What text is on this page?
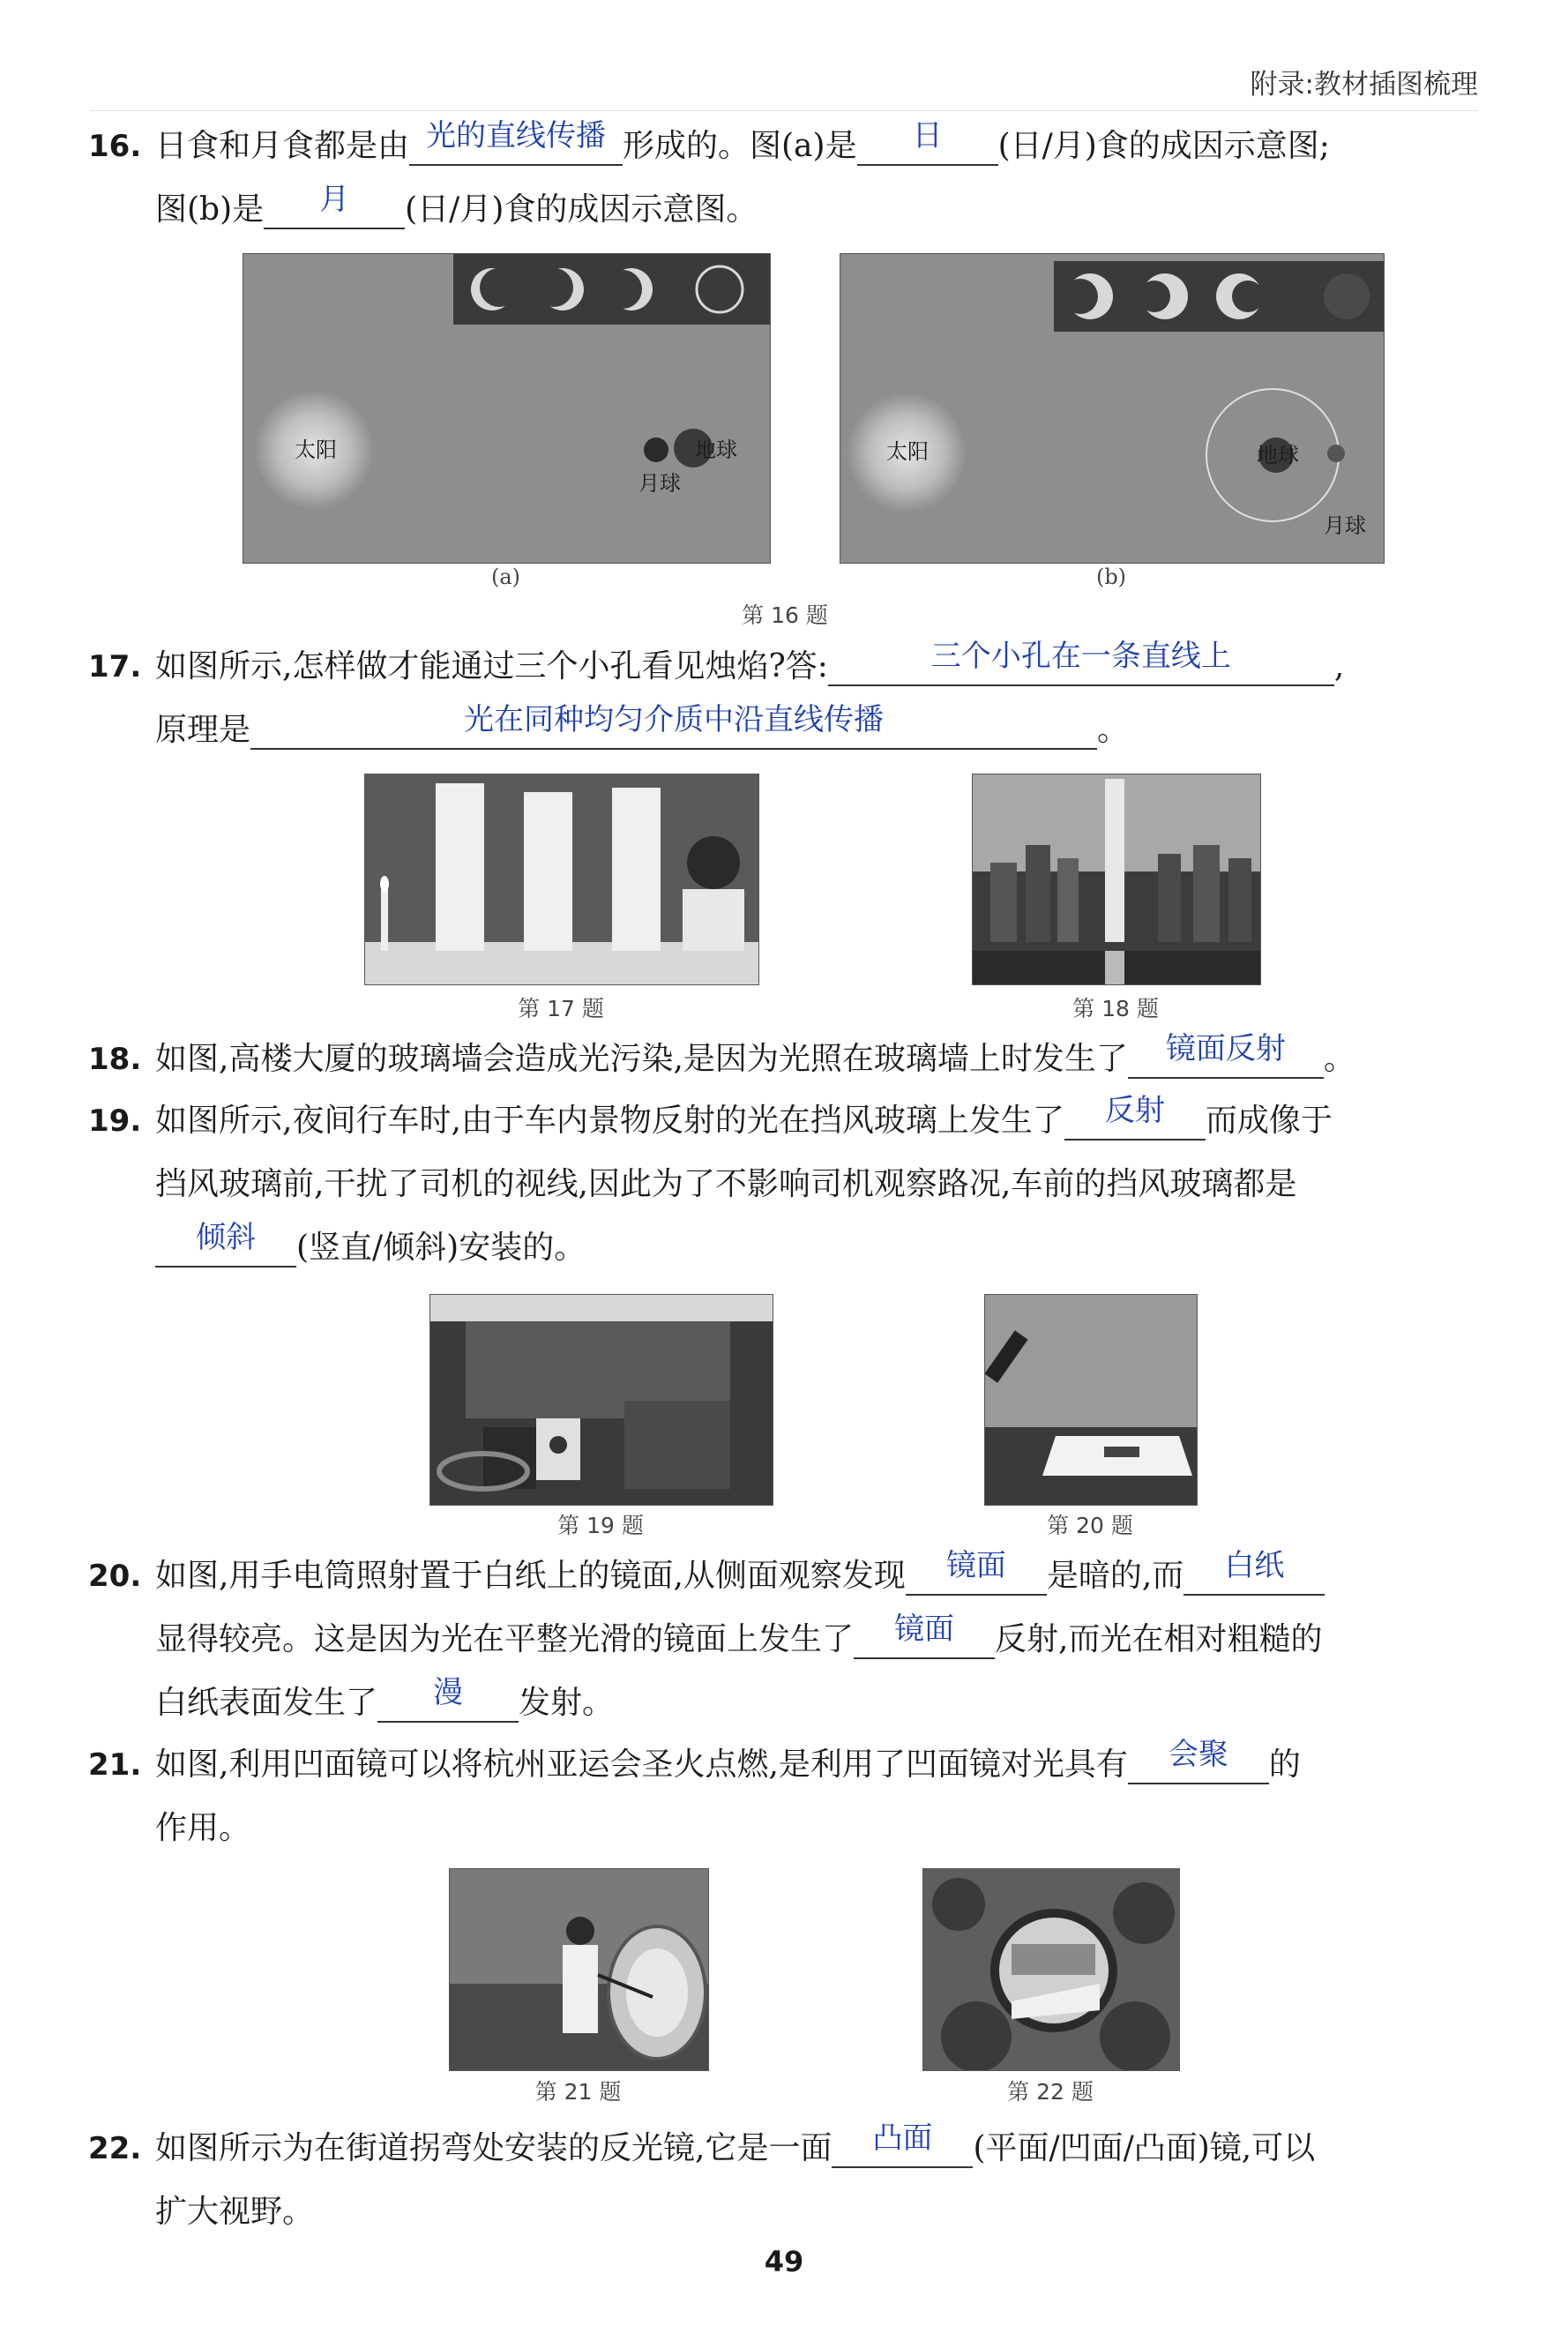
附录:教材插图梳理
16. 日食和月食都是由 光的直线传播 形成的。图(a)是 日 (日/月)食的成因示意图;
图(b)是 月 (日/月)食的成因示意图。
太阳	地球
月球
(a)
太阳	地球
月球
(b)
第 16 题
17. 如图所示,怎样做才能通过三个小孔看见烛焰?答:	三个小孔在一条直线上	,
原理是	光在同种均匀介质中沿直线传播	。
第 17 题	第 18 题
18. 如图,高楼大厦的玻璃墙会造成光污染,是因为光照在玻璃墙上时发生了 镜面反射 。
19. 如图所示,夜间行车时,由于车内景物反射的光在挡风玻璃上发生了 反射 而成像于
挡风玻璃前,干扰了司机的视线,因此为了不影响司机观察路况,车前的挡风玻璃都是
倾斜 (竖直/倾斜)安装的。
第 19 题	第 20 题
20. 如图,用手电筒照射置于白纸上的镜面,从侧面观察发现 镜面 是暗的,而 白纸
显得较亮。这是因为光在平整光滑的镜面上发生了 镜面 反射,而光在相对粗糙的
白纸表面发生了 漫 发射。
21. 如图,利用凹面镜可以将杭州亚运会圣火点燃,是利用了凹面镜对光具有 会聚 的
作用。
第 21 题	第 22 题
22. 如图所示为在街道拐弯处安装的反光镜,它是一面 凸面 (平面/凹面/凸面)镜,可以
扩大视野。
49
